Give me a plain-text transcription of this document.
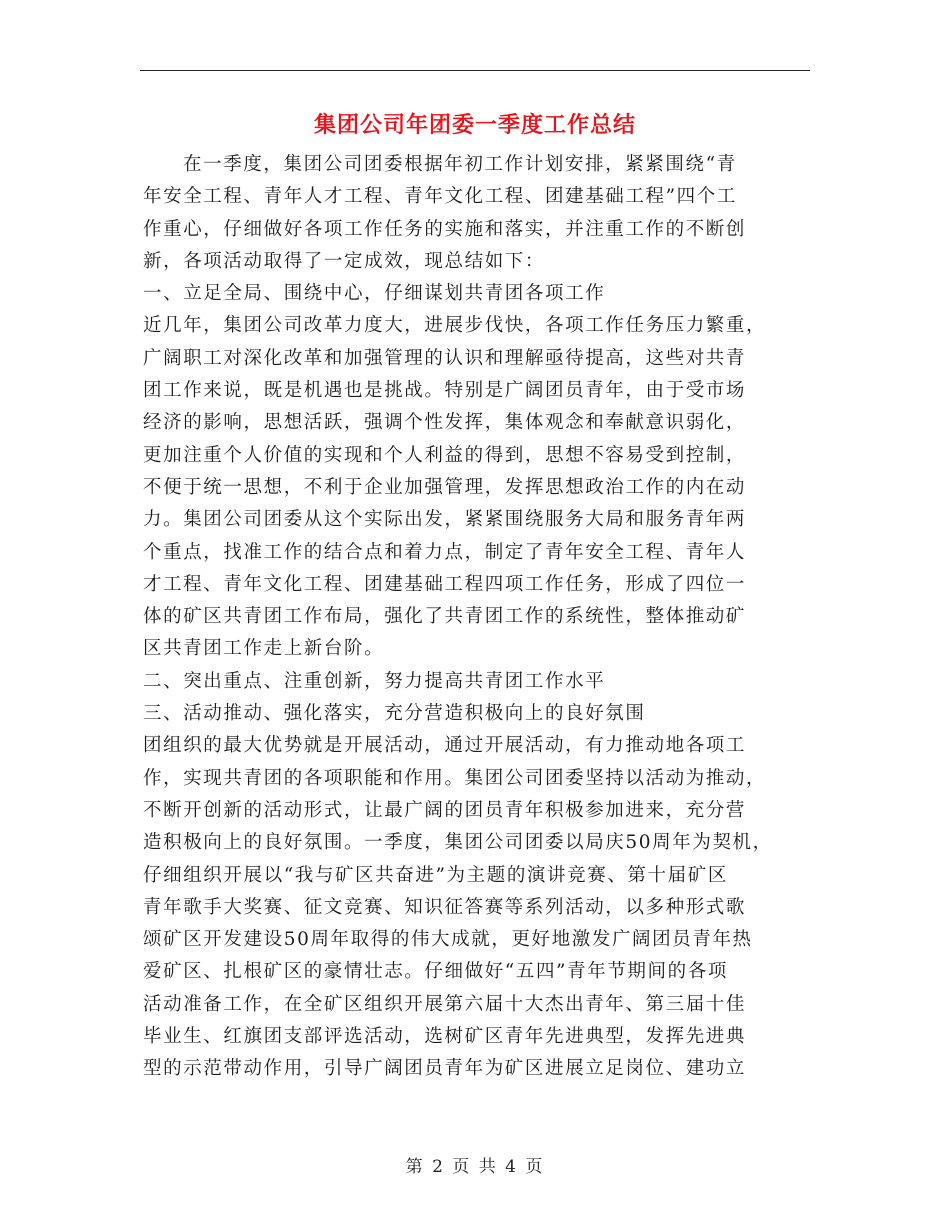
集团公司年团委一季度工作总结
在一季度，集团公司团委根据年初工作计划安排，紧紧围绕“青
年安全工程、青年人才工程、青年文化工程、团建基础工程”四个工
作重心，仔细做好各项工作任务的实施和落实，并注重工作的不断创
新，各项活动取得了一定成效，现总结如下：
一、立足全局、围绕中心，仔细谋划共青团各项工作
近几年，集团公司改革力度大，进展步伐快，各项工作任务压力繁重，
广阔职工对深化改革和加强管理的认识和理解亟待提高，这些对共青
团工作来说，既是机遇也是挑战。特别是广阔团员青年，由于受市场
经济的影响，思想活跃，强调个性发挥，集体观念和奉献意识弱化，
更加注重个人价值的实现和个人利益的得到，思想不容易受到控制，
不便于统一思想，不利于企业加强管理，发挥思想政治工作的内在动
力。集团公司团委从这个实际出发，紧紧围绕服务大局和服务青年两
个重点，找准工作的结合点和着力点，制定了青年安全工程、青年人
才工程、青年文化工程、团建基础工程四项工作任务，形成了四位一
体的矿区共青团工作布局，强化了共青团工作的系统性，整体推动矿
区共青团工作走上新台阶。
二、突出重点、注重创新，努力提高共青团工作水平
三、活动推动、强化落实，充分营造积极向上的良好氛围
团组织的最大优势就是开展活动，通过开展活动，有力推动地各项工
作，实现共青团的各项职能和作用。集团公司团委坚持以活动为推动，
不断开创新的活动形式，让最广阔的团员青年积极参加进来，充分营
造积极向上的良好氛围。一季度，集团公司团委以局庆50周年为契机，
仔细组织开展以“我与矿区共奋进”为主题的演讲竞赛、第十届矿区
青年歌手大奖赛、征文竞赛、知识征答赛等系列活动，以多种形式歌
颂矿区开发建设50周年取得的伟大成就，更好地激发广阔团员青年热
爱矿区、扎根矿区的豪情壮志。仔细做好“五四”青年节期间的各项
活动准备工作，在全矿区组织开展第六届十大杰出青年、第三届十佳
毕业生、红旗团支部评选活动，选树矿区青年先进典型，发挥先进典
型的示范带动作用，引导广阔团员青年为矿区进展立足岗位、建功立
第 2 页 共 4 页
